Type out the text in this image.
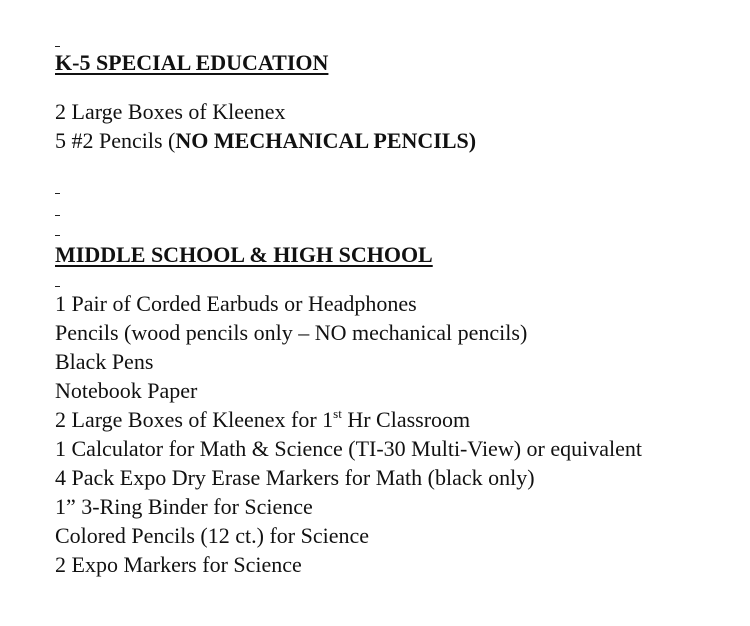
K-5 SPECIAL EDUCATION
2 Large Boxes of Kleenex
5 #2 Pencils (NO MECHANICAL PENCILS)
MIDDLE SCHOOL & HIGH SCHOOL
1 Pair of Corded Earbuds or Headphones
Pencils (wood pencils only – NO mechanical pencils)
Black Pens
Notebook Paper
2 Large Boxes of Kleenex for 1st Hr Classroom
1 Calculator for Math & Science (TI-30 Multi-View) or equivalent
4 Pack Expo Dry Erase Markers for Math (black only)
1” 3-Ring Binder for Science
Colored Pencils (12 ct.) for Science
2 Expo Markers for Science
